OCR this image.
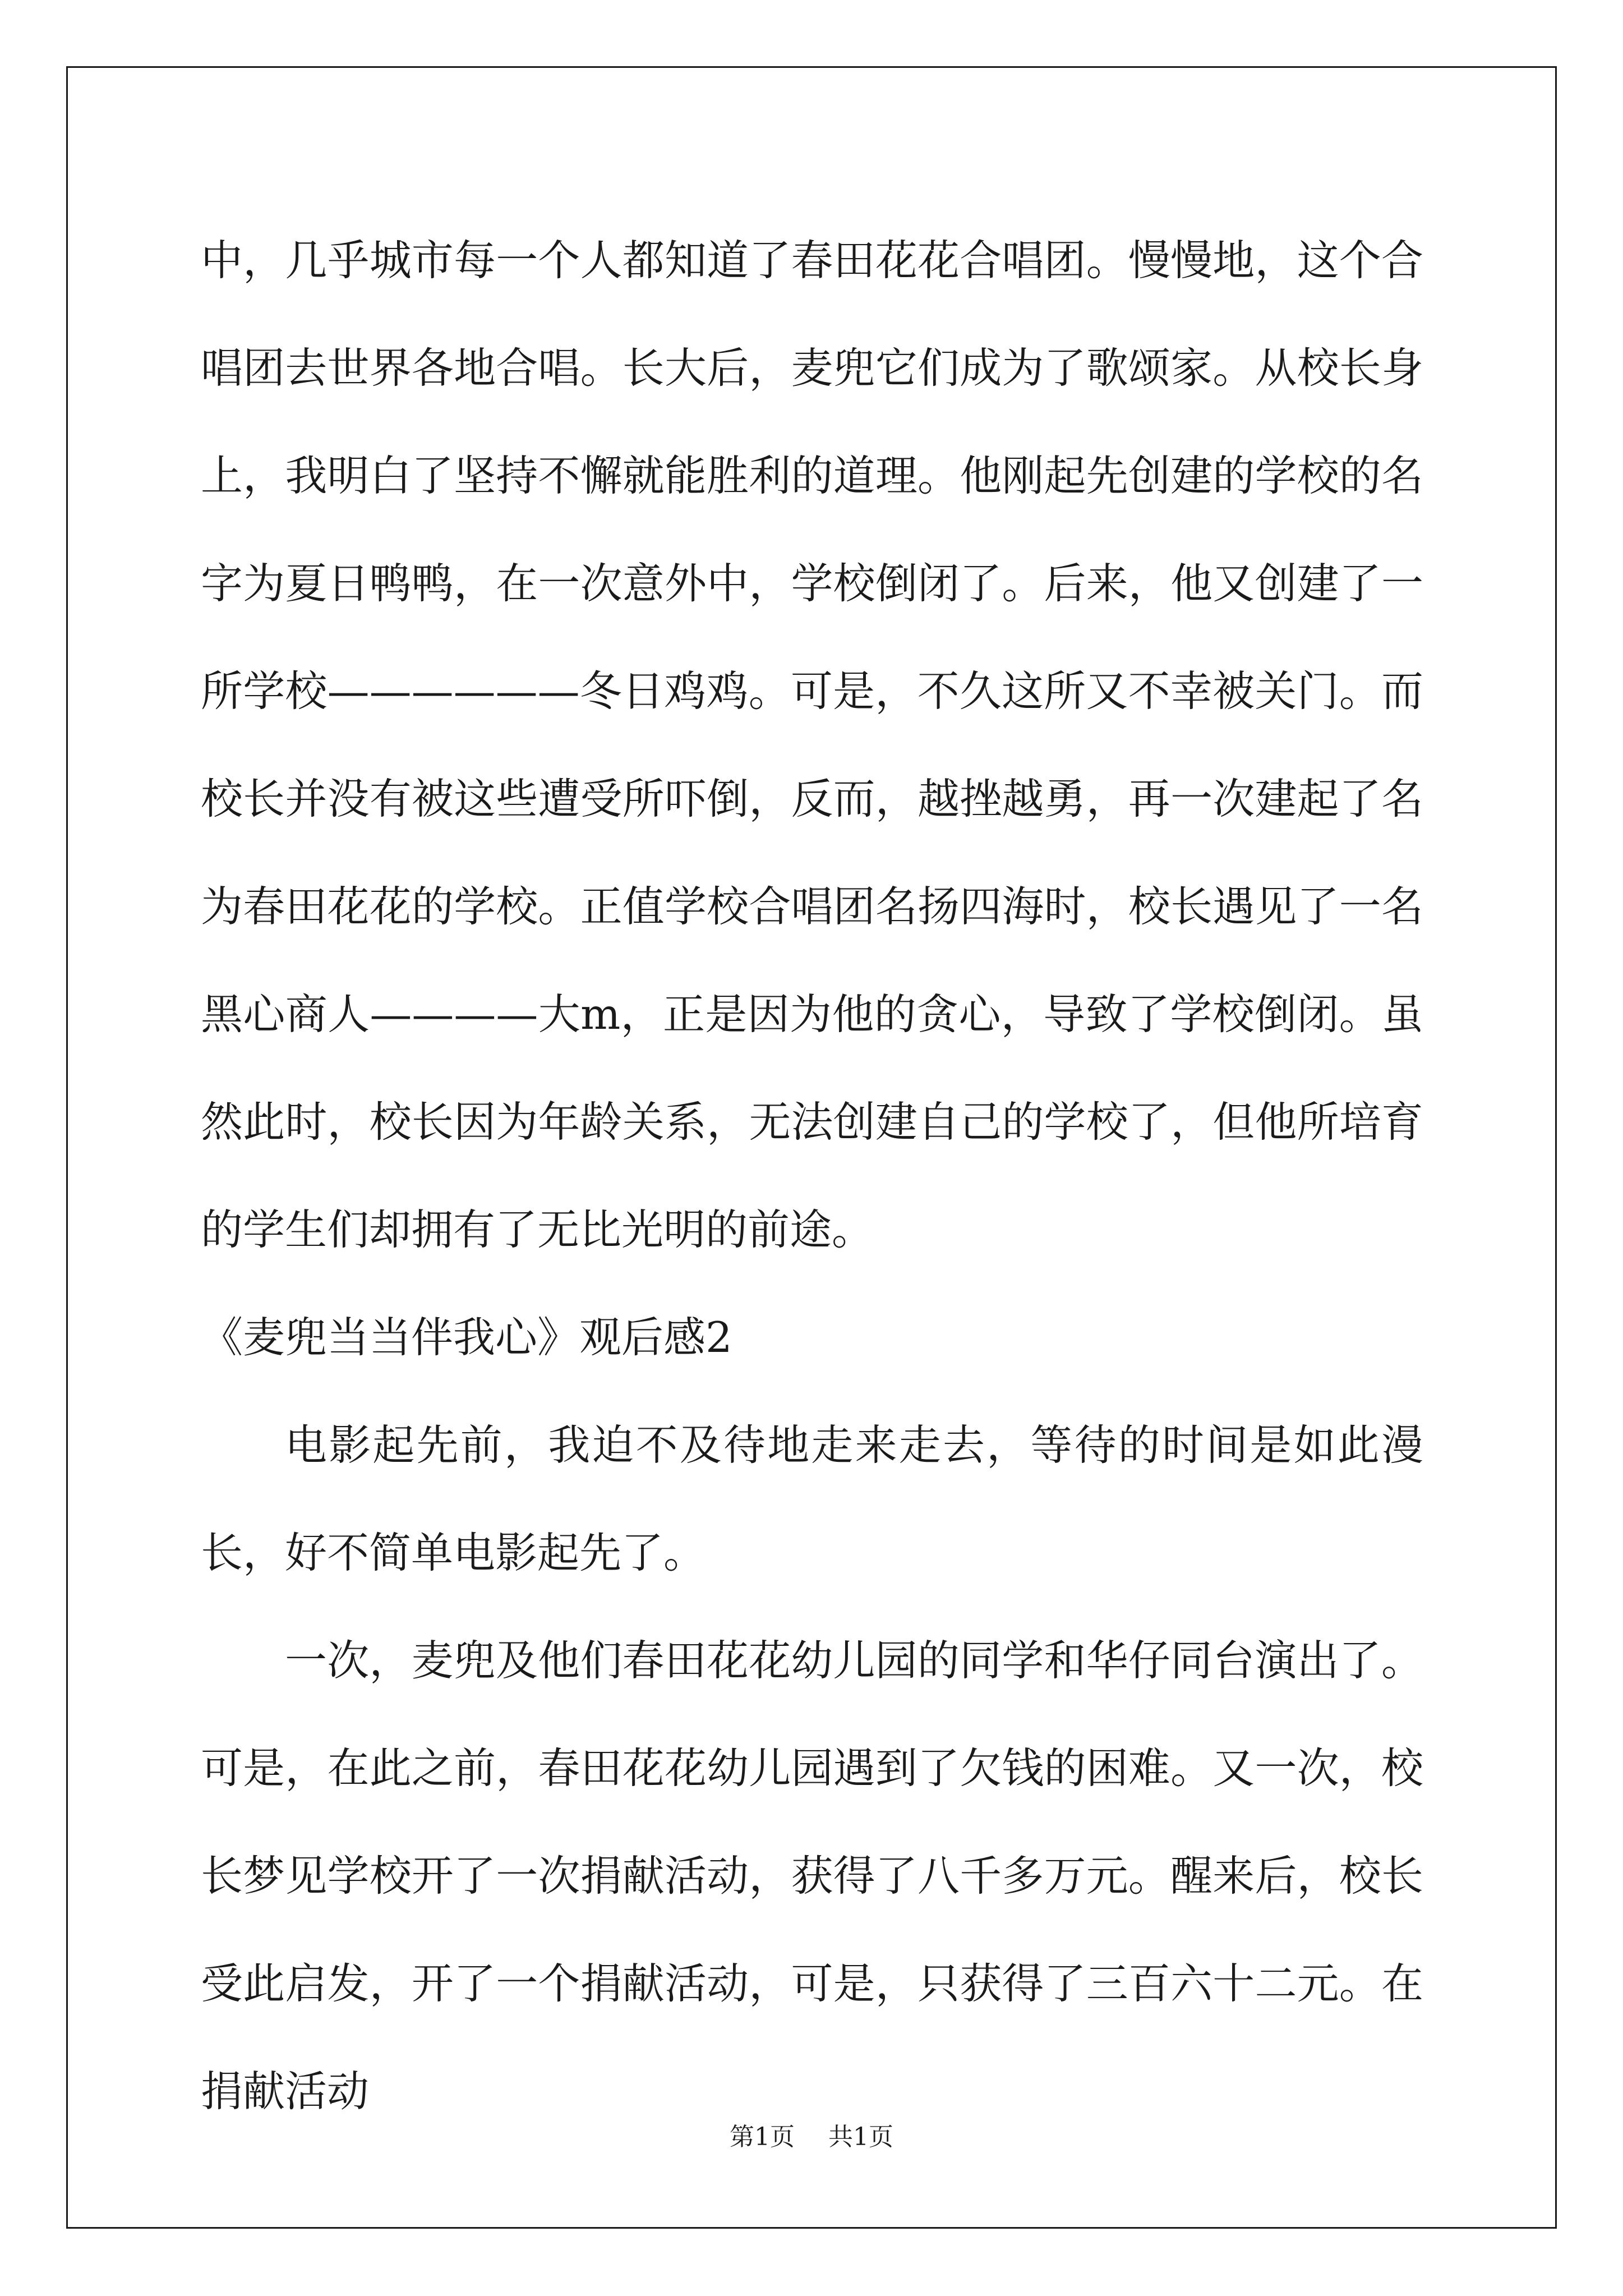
中，几乎城市每一个人都知道了春田花花合唱团。慢慢地，这个合唱团去世界各地合唱。长大后，麦兜它们成为了歌颂家。从校长身上，我明白了坚持不懈就能胜利的道理。他刚起先创建的学校的名字为夏日鸭鸭，在一次意外中，学校倒闭了。后来，他又创建了一所学校——————冬日鸡鸡。可是，不久这所又不幸被关门。而校长并没有被这些遭受所吓倒，反而，越挫越勇，再一次建起了名为春田花花的学校。正值学校合唱团名扬四海时，校长遇见了一名黑心商人————大m，正是因为他的贪心，导致了学校倒闭。虽然此时，校长因为年龄关系，无法创建自己的学校了，但他所培育的学生们却拥有了无比光明的前途。

《麦兜当当伴我心》观后感2

电影起先前，我迫不及待地走来走去，等待的时间是如此漫长，好不简单电影起先了。

一次，麦兜及他们春田花花幼儿园的同学和华仔同台演出了。可是，在此之前，春田花花幼儿园遇到了欠钱的困难。又一次，校长梦见学校开了一次捐献活动，获得了八千多万元。醒来后，校长受此启发，开了一个捐献活动，可是，只获得了三百六十二元。在捐献活动

第1页 共1页
